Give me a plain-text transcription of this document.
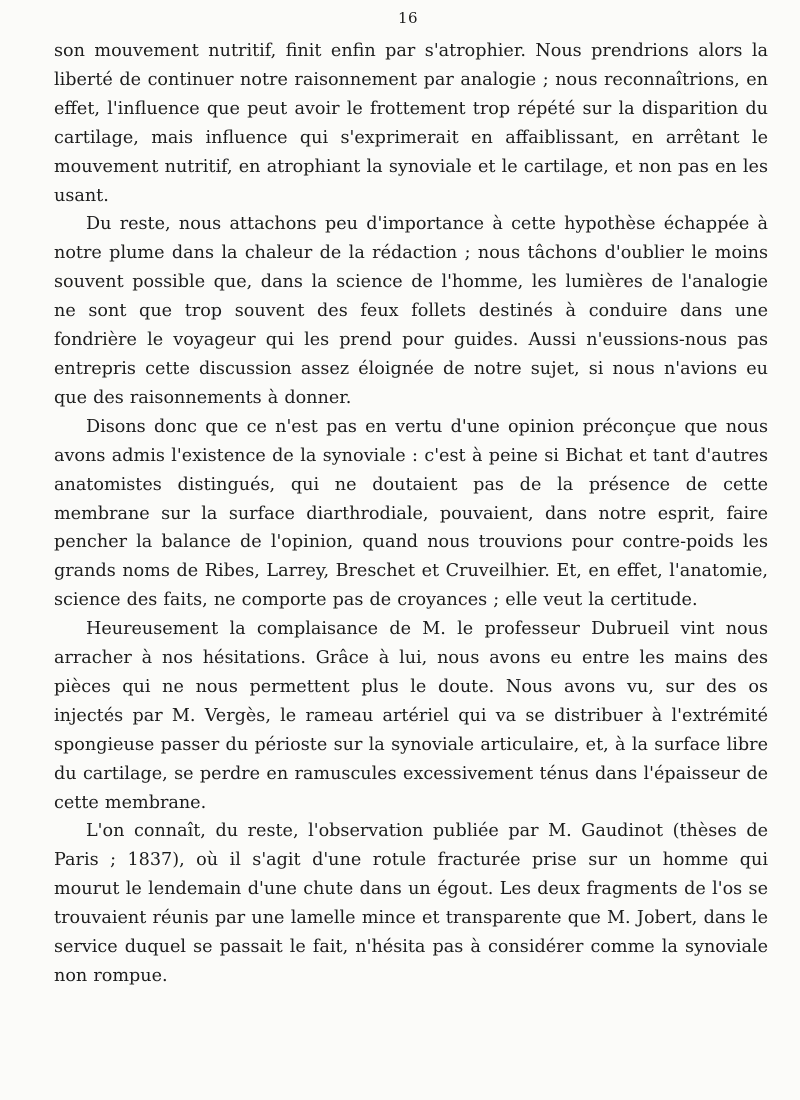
16

son mouvement nutritif, finit enfin par s'atrophier. Nous prendrions alors la liberté de continuer notre raisonnement par analogie ; nous reconnaîtrions, en effet, l'influence que peut avoir le frottement trop répété sur la disparition du cartilage, mais influence qui s'exprimerait en affaiblissant, en arrêtant le mouvement nutritif, en atrophiant la synoviale et le cartilage, et non pas en les usant.

Du reste, nous attachons peu d'importance à cette hypothèse échappée à notre plume dans la chaleur de la rédaction ; nous tâchons d'oublier le moins souvent possible que, dans la science de l'homme, les lumières de l'analogie ne sont que trop souvent des feux follets destinés à conduire dans une fondrière le voyageur qui les prend pour guides. Aussi n'eussions-nous pas entrepris cette discussion assez éloignée de notre sujet, si nous n'avions eu que des raisonnements à donner.

Disons donc que ce n'est pas en vertu d'une opinion préconçue que nous avons admis l'existence de la synoviale : c'est à peine si Bichat et tant d'autres anatomistes distingués, qui ne doutaient pas de la présence de cette membrane sur la surface diarthrodiale, pouvaient, dans notre esprit, faire pencher la balance de l'opinion, quand nous trouvions pour contre-poids les grands noms de Ribes, Larrey, Breschet et Cruveilhier. Et, en effet, l'anatomie, science des faits, ne comporte pas de croyances ; elle veut la certitude.

Heureusement la complaisance de M. le professeur Dubrueil vint nous arracher à nos hésitations. Grâce à lui, nous avons eu entre les mains des pièces qui ne nous permettent plus le doute. Nous avons vu, sur des os injectés par M. Vergès, le rameau artériel qui va se distribuer à l'extrémité spongieuse passer du périoste sur la synoviale articulaire, et, à la surface libre du cartilage, se perdre en ramuscules excessivement ténus dans l'épaisseur de cette membrane.

L'on connaît, du reste, l'observation publiée par M. Gaudinot (thèses de Paris ; 1837), où il s'agit d'une rotule fracturée prise sur un homme qui mourut le lendemain d'une chute dans un égout. Les deux fragments de l'os se trouvaient réunis par une lamelle mince et transparente que M. Jobert, dans le service duquel se passait le fait, n'hésita pas à considérer comme la synoviale non rompue.
